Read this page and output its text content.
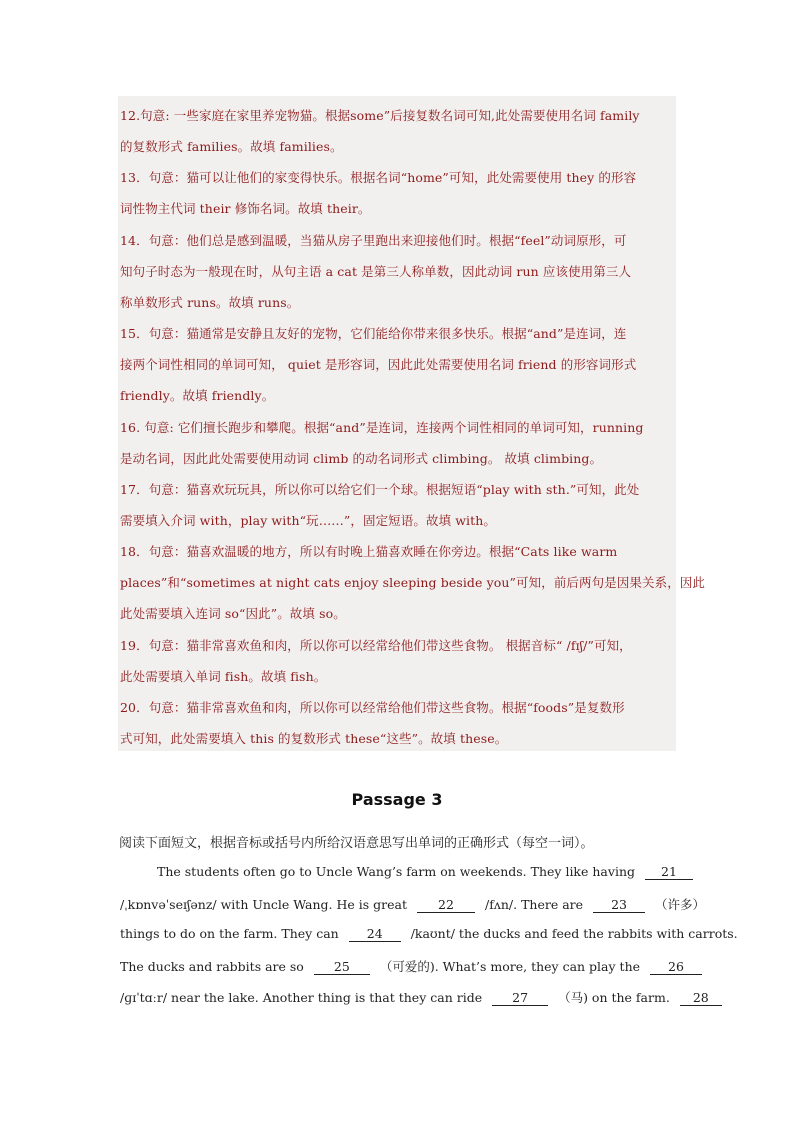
12.句意: 一些家庭在家里养宠物猫。根据some”后接复数名词可知,此处需要使用名词 family
的复数形式 families。故填 families。
13．句意：猫可以让他们的家变得快乐。根据名词“home”可知，此处需要使用 they 的形容
词性物主代词 their 修饰名词。故填 their。
14．句意：他们总是感到温暖，当猫从房子里跑出来迎接他们时。根据“feel”动词原形，可
知句子时态为一般现在时，从句主语 a cat 是第三人称单数，因此动词 run 应该使用第三人
称单数形式 runs。故填 runs。
15．句意：猫通常是安静且友好的宠物，它们能给你带来很多快乐。根据“and”是连词，连
接两个词性相同的单词可知， quiet 是形容词，因此此处需要使用名词 friend 的形容词形式
friendly。故填 friendly。
16. 句意: 它们擅长跑步和攀爬。根据“and”是连词，连接两个词性相同的单词可知，running
是动名词，因此此处需要使用动词 climb 的动名词形式 climbing。 故填 climbing。
17．句意：猫喜欢玩玩具，所以你可以给它们一个球。根据短语“play with sth.”可知，此处
需要填入介词 with，play with“玩……”，固定短语。故填 with。
18．句意：猫喜欢温暖的地方，所以有时晚上猫喜欢睡在你旁边。根据“Cats like warm
places”和“sometimes at night cats enjoy sleeping beside you”可知，前后两句是因果关系，因此
此处需要填入连词 so“因此”。故填 so。
19．句意：猫非常喜欢鱼和肉，所以你可以经常给他们带这些食物。 根据音标“ /fɪʃ/”可知，
此处需要填入单词 fish。故填 fish。
20．句意：猫非常喜欢鱼和肉，所以你可以经常给他们带这些食物。根据“foods”是复数形
式可知，此处需要填入 this 的复数形式 these“这些”。故填 these。
Passage 3
阅读下面短文，根据音标或括号内所给汉语意思写出单词的正确形式（每空一词）。
The students often go to Uncle Wang’s farm on weekends. They like having 21
/ˌkɒnvəˈseɪʃənz/ with Uncle Wang. He is great 22 /fʌn/. There are 23 （许多）
things to do on the farm. They can 24 /kaʊnt/ the ducks and feed the rabbits with carrots.
The ducks and rabbits are so 25 （可爱的). What’s more, they can play the 26
/ɡɪˈtɑːr/ near the lake. Another thing is that they can ride 27 （马) on the farm. 28
